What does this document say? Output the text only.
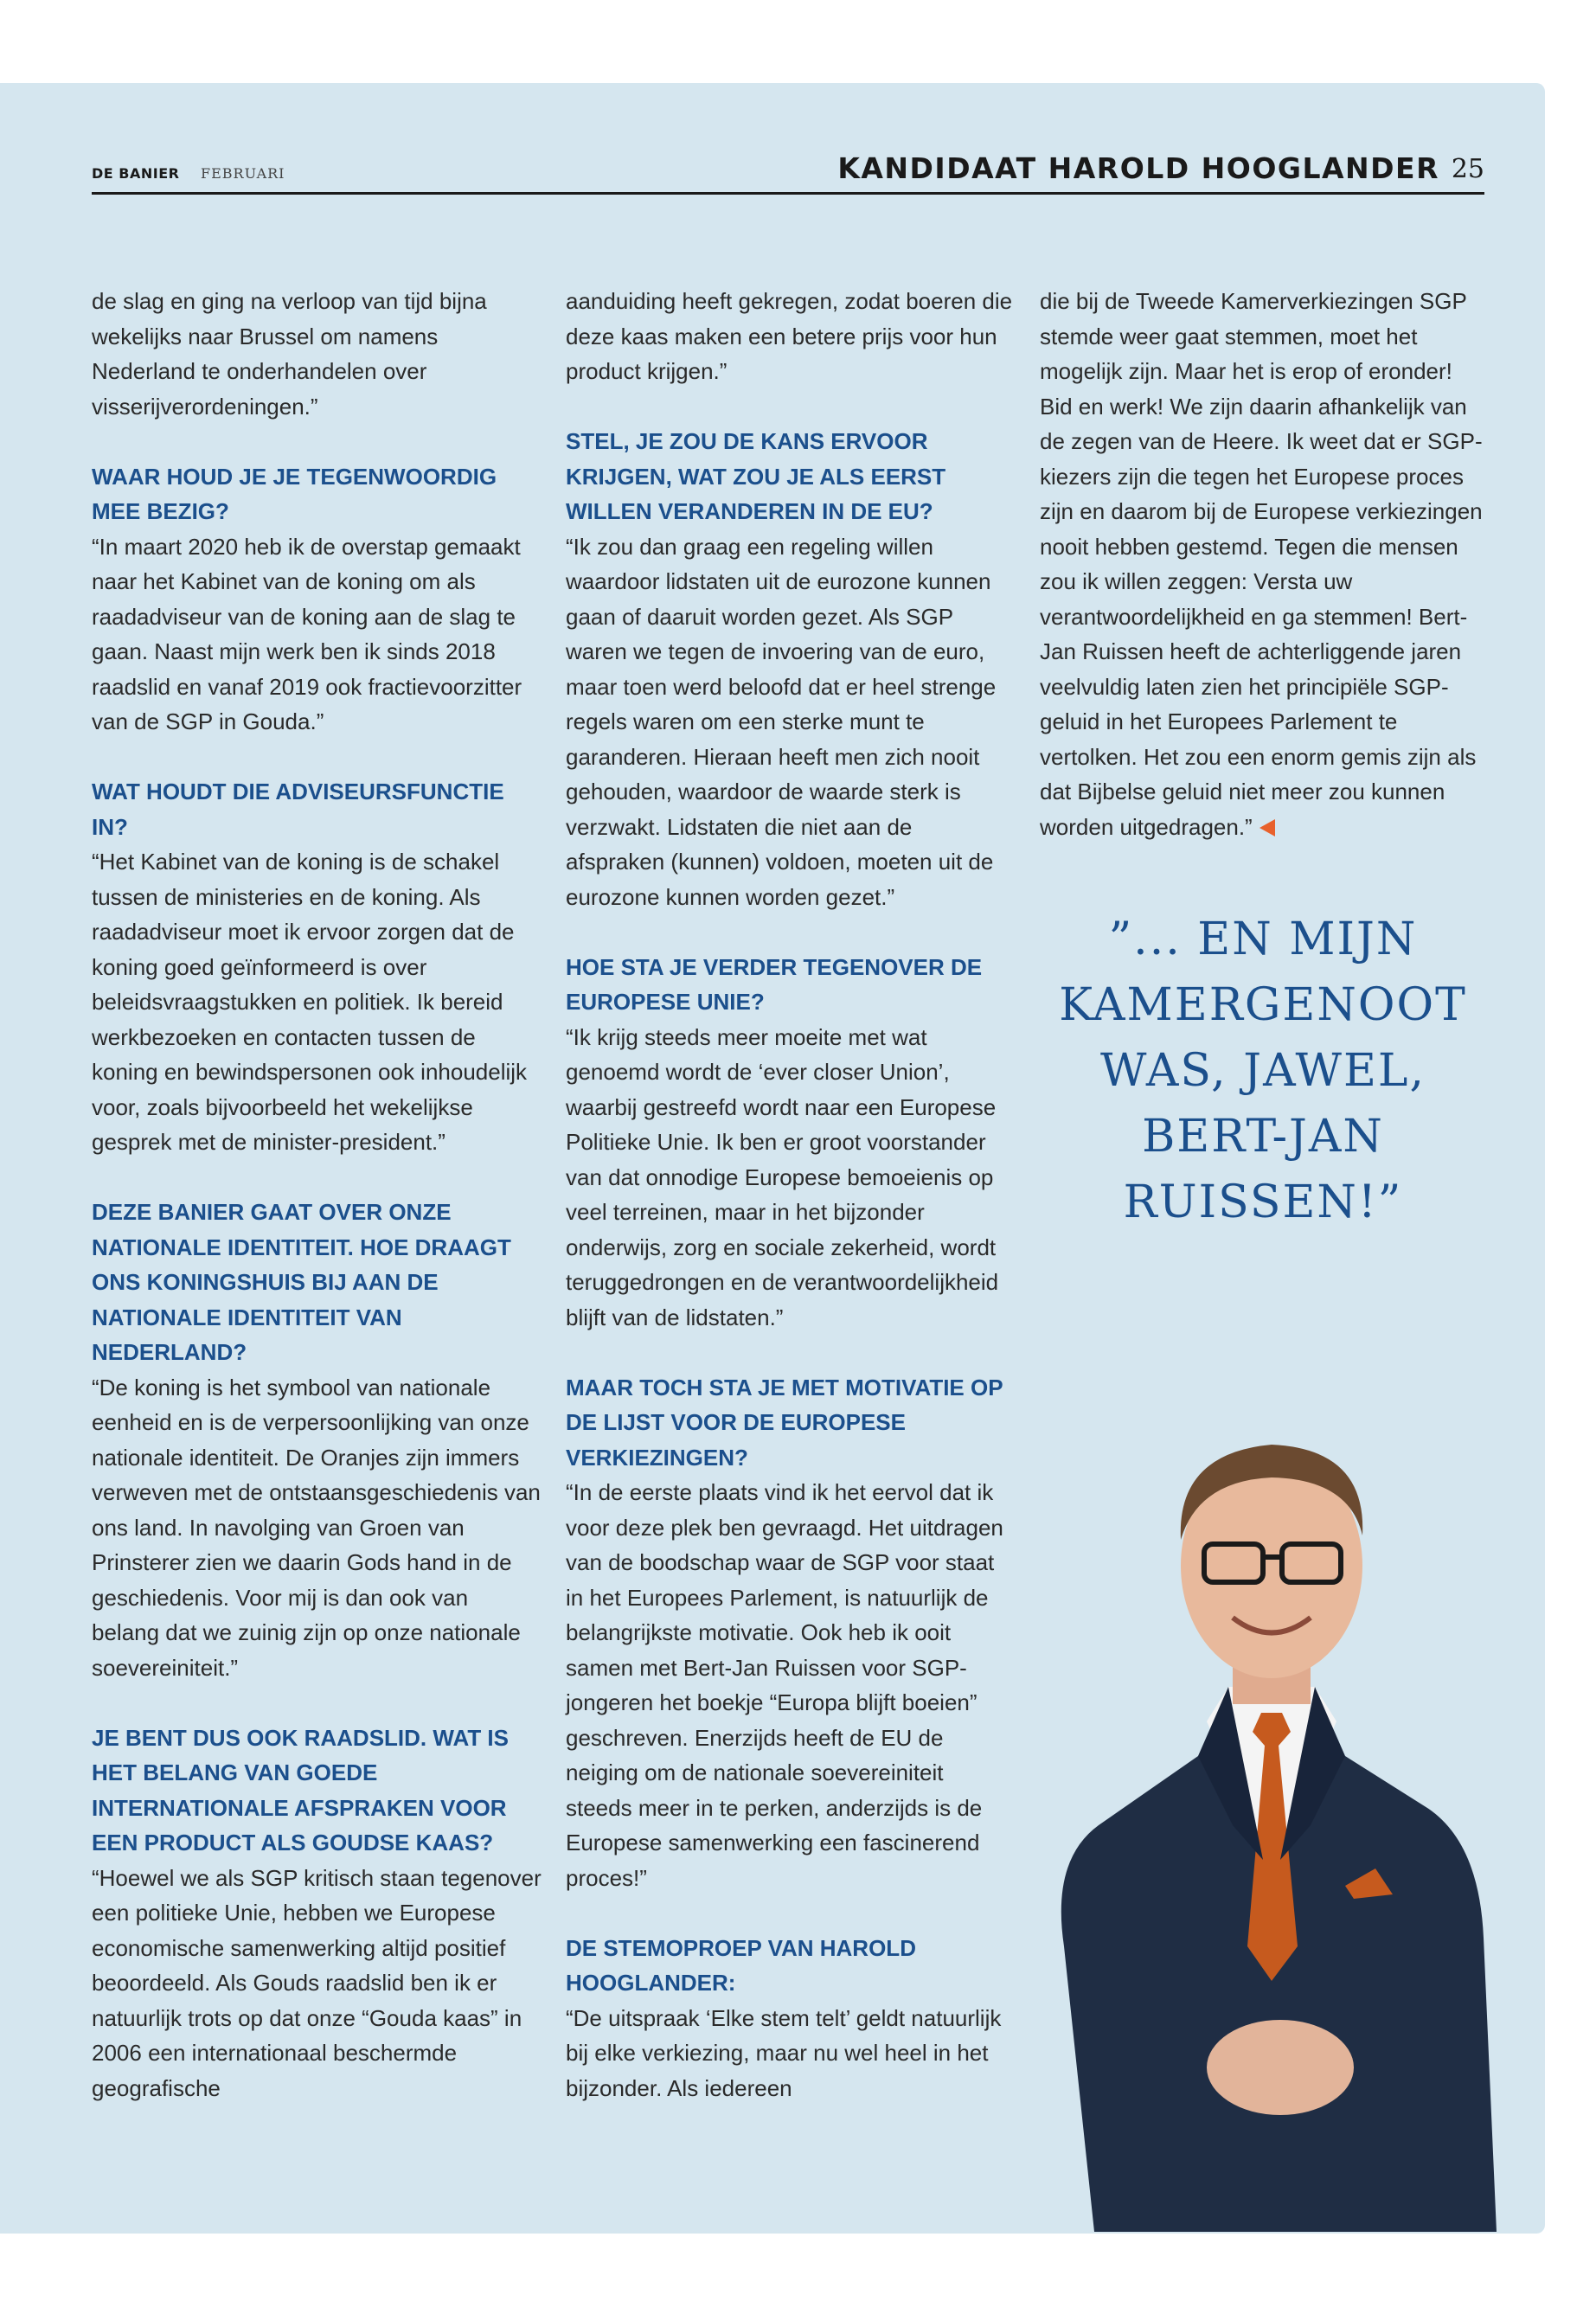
DE BANIER FEBRUARI	KANDIDAAT HAROLD HOOGLANDER 25

de slag en ging na verloop van tijd bijna wekelijks naar Brussel om namens Nederland te onderhandelen over visserijverordeningen.”

WAAR HOUD JE JE TEGENWOORDIG MEE BEZIG?

“In maart 2020 heb ik de overstap gemaakt naar het Kabinet van de koning om als raadadviseur van de koning aan de slag te gaan. Naast mijn werk ben ik sinds 2018 raadslid en vanaf 2019 ook fractievoorzitter van de SGP in Gouda.”

WAT HOUDT DIE ADVISEURSFUNCTIE IN?

“Het Kabinet van de koning is de schakel tussen de ministeries en de koning. Als raadadviseur moet ik ervoor zorgen dat de koning goed geïnformeerd is over beleidsvraagstukken en politiek. Ik bereid werkbezoeken en contacten tussen de koning en bewindspersonen ook inhoudelijk voor, zoals bijvoorbeeld het wekelijkse gesprek met de minister-president.”

DEZE BANIER GAAT OVER ONZE NATIONALE IDENTITEIT. HOE DRAAGT ONS KONINGSHUIS BIJ AAN DE NATIONALE IDENTITEIT VAN NEDERLAND?

“De koning is het symbool van nationale eenheid en is de verpersoonlijking van onze nationale identiteit. De Oranjes zijn immers verweven met de ontstaansgeschiedenis van ons land. In navolging van Groen van Prinsterer zien we daarin Gods hand in de geschiedenis. Voor mij is dan ook van belang dat we zuinig zijn op onze nationale soevereiniteit.”

JE BENT DUS OOK RAADSLID. WAT IS HET BELANG VAN GOEDE INTERNATIONALE AFSPRAKEN VOOR EEN PRODUCT ALS GOUDSE KAAS?

“Hoewel we als SGP kritisch staan tegenover een politieke Unie, hebben we Europese economische samenwerking altijd positief beoordeeld. Als Gouds raadslid ben ik er natuurlijk trots op dat onze “Gouda kaas” in 2006 een internationaal beschermde geografische

aanduiding heeft gekregen, zodat boeren die deze kaas maken een betere prijs voor hun product krijgen.”

STEL, JE ZOU DE KANS ERVOOR KRIJGEN, WAT ZOU JE ALS EERST WILLEN VERANDEREN IN DE EU?

“Ik zou dan graag een regeling willen waardoor lidstaten uit de eurozone kunnen gaan of daaruit worden gezet. Als SGP waren we tegen de invoering van de euro, maar toen werd beloofd dat er heel strenge regels waren om een sterke munt te garanderen. Hieraan heeft men zich nooit gehouden, waardoor de waarde sterk is verzwakt. Lidstaten die niet aan de afspraken (kunnen) voldoen, moeten uit de eurozone kunnen worden gezet.”

HOE STA JE VERDER TEGENOVER DE EUROPESE UNIE?

“Ik krijg steeds meer moeite met wat genoemd wordt de ‘ever closer Union’, waarbij gestreefd wordt naar een Europese Politieke Unie. Ik ben er groot voorstander van dat onnodige Europese bemoeienis op veel terreinen, maar in het bijzonder onderwijs, zorg en sociale zekerheid, wordt teruggedrongen en de verantwoordelijkheid blijft van de lidstaten.”

MAAR TOCH STA JE MET MOTIVATIE OP DE LIJST VOOR DE EUROPESE VERKIEZINGEN?

“In de eerste plaats vind ik het eervol dat ik voor deze plek ben gevraagd. Het uitdragen van de boodschap waar de SGP voor staat in het Europees Parlement, is natuurlijk de belangrijkste motivatie. Ook heb ik ooit samen met Bert-Jan Ruissen voor SGP-jongeren het boekje “Europa blijft boeien” geschreven. Enerzijds heeft de EU de neiging om de nationale soevereiniteit steeds meer in te perken, anderzijds is de Europese samenwerking een fascinerend proces!”

DE STEMOPROEP VAN HAROLD HOOGLANDER:

“De uitspraak ‘Elke stem telt’ geldt natuurlijk bij elke verkiezing, maar nu wel heel in het bijzonder. Als iedereen

die bij de Tweede Kamerverkiezingen SGP stemde weer gaat stemmen, moet het mogelijk zijn. Maar het is erop of eronder! Bid en werk! We zijn daarin afhankelijk van de zegen van de Heere. Ik weet dat er SGP-kiezers zijn die tegen het Europese proces zijn en daarom bij de Europese verkiezingen nooit hebben gestemd. Tegen die mensen zou ik willen zeggen: Versta uw verantwoordelijkheid en ga stemmen! Bert-Jan Ruissen heeft de achterliggende jaren veelvuldig laten zien het principiële SGP-geluid in het Europees Parlement te vertolken. Het zou een enorm gemis zijn als dat Bijbelse geluid niet meer zou kunnen worden uitgedragen.”

”... EN MIJN KAMERGENOOT WAS, JAWEL, BERT-JAN RUISSEN!”
